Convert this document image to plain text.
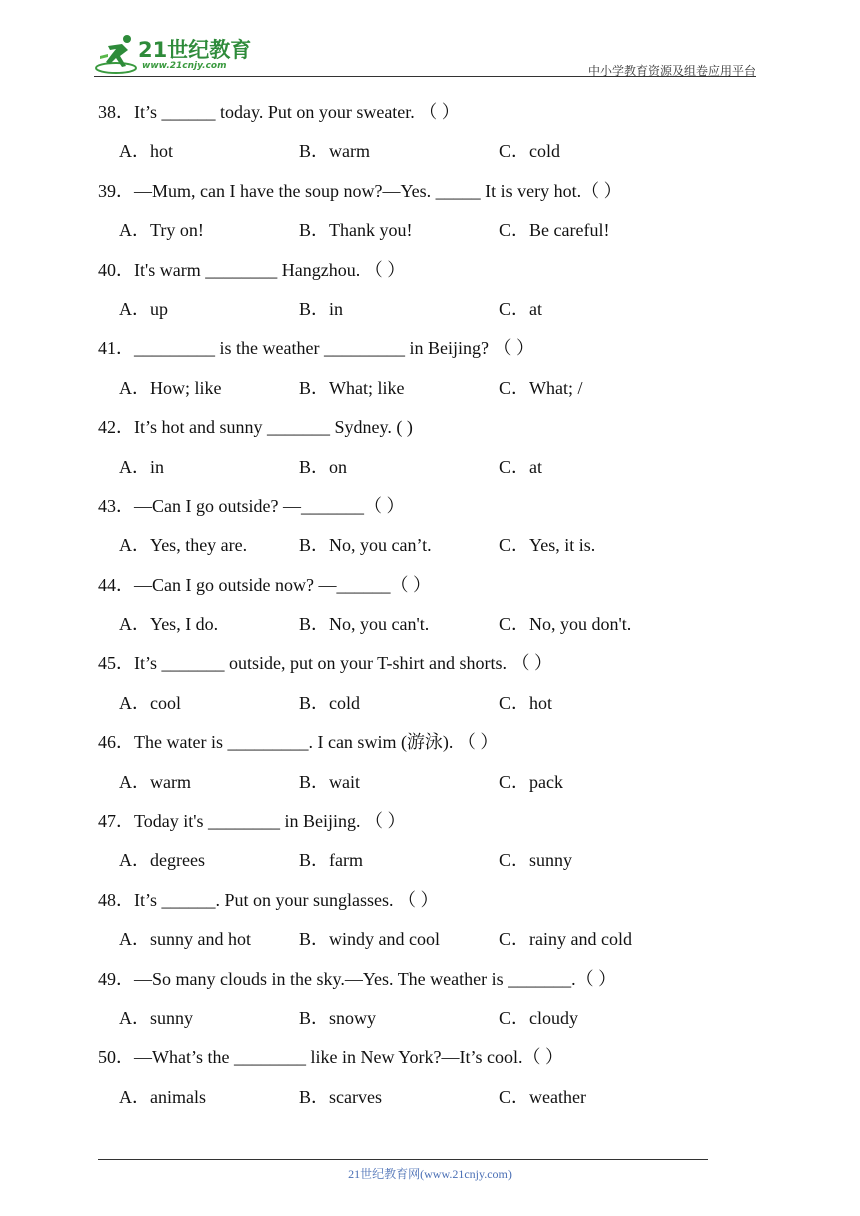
21世纪教育
www.21cnjy.com	中小学教育资源及组卷应用平台
38．It’s ______ today. Put on your sweater. （ ）
A．hot	B．warm	C．cold
39．—Mum, can I have the soup now?—Yes. _____ It is very hot.（ ）
A．Try on!	B．Thank you!	C．Be careful!
40．It's warm ________ Hangzhou. （ ）
A．up	B．in	C．at
41．_________ is the weather _________ in Beijing? （ ）
A．How; like	B．What; like	C．What; /
42．It’s hot and sunny _______ Sydney. ( )
A．in	B．on	C．at
43．—Can I go outside? —_______（ ）
A．Yes, they are.	B．No, you can’t.	C．Yes, it is.
44．—Can I go outside now? —______（ ）
A．Yes, I do.	B．No, you can't.	C．No, you don't.
45．It’s _______ outside, put on your T-shirt and shorts. （ ）
A．cool	B．cold	C．hot
46．The water is _________. I can swim (游泳). （ ）
A．warm	B．wait	C．pack
47．Today it's ________ in Beijing. （ ）
A．degrees	B．farm	C．sunny
48．It’s ______. Put on your sunglasses. （ ）
A．sunny and hot	B．windy and cool	C．rainy and cold
49．—So many clouds in the sky.—Yes. The weather is _______.（ ）
A．sunny	B．snowy	C．cloudy
50．—What’s the ________ like in New York?—It’s cool.（ ）
A．animals	B．scarves	C．weather
21世纪教育网(www.21cnjy.com)
